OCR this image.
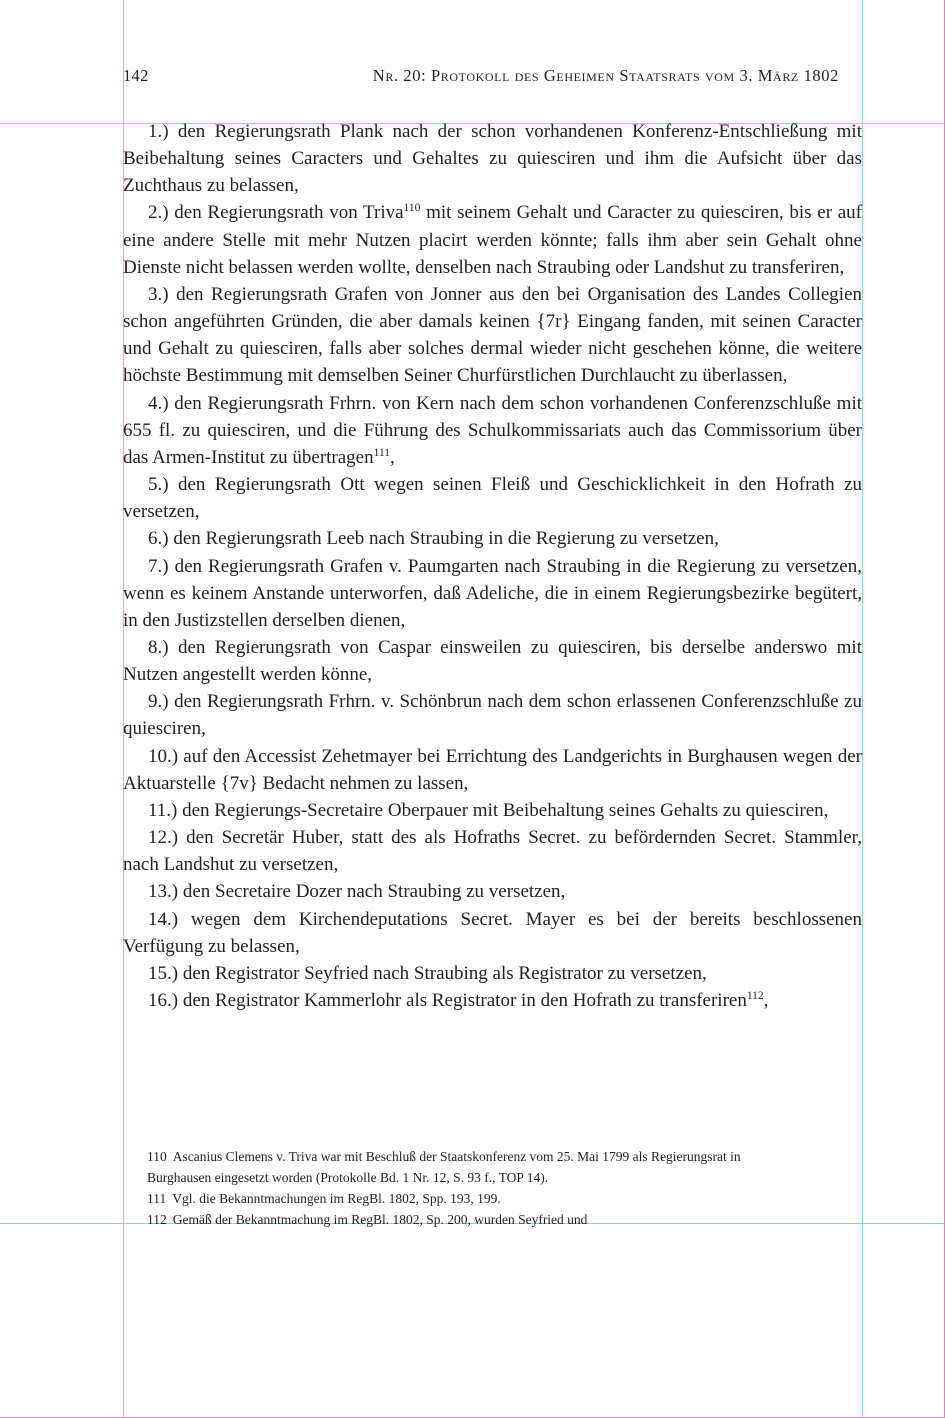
142	Nr. 20: Protokoll des Geheimen Staatsrats vom 3. März 1802

1.) den Regierungsrath Plank nach der schon vorhandenen Konferenz-Entschließung mit Beibehaltung seines Caracters und Gehaltes zu quiesciren und ihm die Aufsicht über das Zuchthaus zu belassen,

2.) den Regierungsrath von Triva$^{110}$ mit seinem Gehalt und Caracter zu quiesciren, bis er auf eine andere Stelle mit mehr Nutzen placirt werden könnte; falls ihm aber sein Gehalt ohne Dienste nicht belassen werden wollte, denselben nach Straubing oder Landshut zu transferiren,

3.) den Regierungsrath Grafen von Jonner aus den bei Organisation des Landes Collegien schon angeführten Gründen, die aber damals keinen {7r} Eingang fanden, mit seinen Caracter und Gehalt zu quiesciren, falls aber solches dermal wieder nicht geschehen könne, die weitere höchste Bestimmung mit demselben Seiner Churfürstlichen Durchlaucht zu überlassen,

4.) den Regierungsrath Frhrn. von Kern nach dem schon vorhandenen Conferenzschluße mit 655 fl. zu quiesciren, und die Führung des Schulkommissariats auch das Commissorium über das Armen-Institut zu übertragen$^{111}$,

5.) den Regierungsrath Ott wegen seinen Fleiß und Geschicklichkeit in den Hofrath zu versetzen,

6.) den Regierungsrath Leeb nach Straubing in die Regierung zu versetzen,

7.) den Regierungsrath Grafen v. Paumgarten nach Straubing in die Regierung zu versetzen, wenn es keinem Anstande unterworfen, daß Adeliche, die in einem Regierungsbezirke begütert, in den Justizstellen derselben dienen,

8.) den Regierungsrath von Caspar einsweilen zu quiesciren, bis derselbe anderswo mit Nutzen angestellt werden könne,

9.) den Regierungsrath Frhrn. v. Schönbrun nach dem schon erlassenen Conferenzschluße zu quiesciren,

10.) auf den Accessist Zehetmayer bei Errichtung des Landgerichts in Burghausen wegen der Aktuarstelle {7v} Bedacht nehmen zu lassen,

11.) den Regierungs-Secretaire Oberpauer mit Beibehaltung seines Gehalts zu quiesciren,

12.) den Secretär Huber, statt des als Hofraths Secret. zu befördernden Secret. Stammler, nach Landshut zu versetzen,

13.) den Secretaire Dozer nach Straubing zu versetzen,

14.) wegen dem Kirchendeputations Secret. Mayer es bei der bereits beschlossenen Verfügung zu belassen,

15.) den Registrator Seyfried nach Straubing als Registrator zu versetzen,

16.) den Registrator Kammerlohr als Registrator in den Hofrath zu transferiren$^{112}$,

110 Ascanius Clemens v. Triva war mit Beschluß der Staatskonferenz vom 25. Mai 1799 als Regierungsrat in Burghausen eingesetzt worden (Protokolle Bd. 1 Nr. 12, S. 93 f., TOP 14).

111 Vgl. die Bekanntmachungen im RegBl. 1802, Spp. 193, 199.

112 Gemäß der Bekanntmachung im RegBl. 1802, Sp. 200, wurden Seyfried und
